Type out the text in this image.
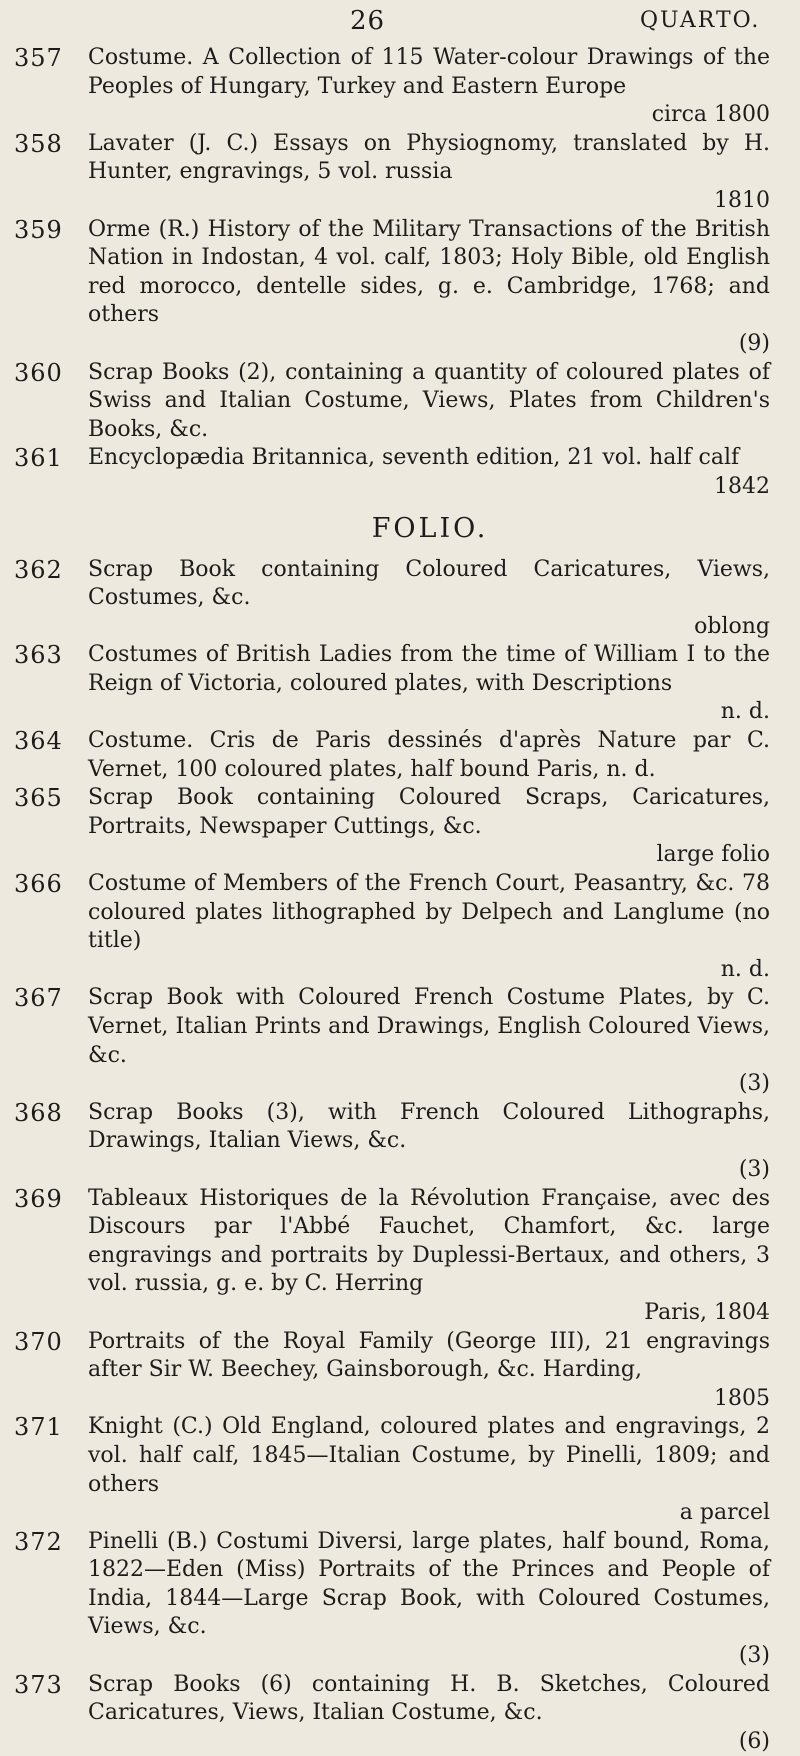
26	QUARTO.
357 Costume. A Collection of 115 Water-colour Drawings of the Peoples of Hungary, Turkey and Eastern Europe
circa 1800
358 Lavater (J. C.) Essays on Physiognomy, translated by H. Hunter, engravings, 5 vol. russia
1810
359 Orme (R.) History of the Military Transactions of the British Nation in Indostan, 4 vol. calf, 1803; Holy Bible, old English red morocco, dentelle sides, g. e. Cambridge, 1768; and others
(9)
360 Scrap Books (2), containing a quantity of coloured plates of Swiss and Italian Costume, Views, Plates from Children's Books, &c.
361 Encyclopædia Britannica, seventh edition, 21 vol. half calf
1842
FOLIO.
362 Scrap Book containing Coloured Caricatures, Views, Costumes, &c.
oblong
363 Costumes of British Ladies from the time of William I to the Reign of Victoria, coloured plates, with Descriptions
n. d.
364 Costume. Cris de Paris dessinés d'après Nature par C. Vernet, 100 coloured plates, half bound Paris, n. d.
365 Scrap Book containing Coloured Scraps, Caricatures, Portraits, Newspaper Cuttings, &c.
large folio
366 Costume of Members of the French Court, Peasantry, &c. 78 coloured plates lithographed by Delpech and Langlume (no title)
n. d.
367 Scrap Book with Coloured French Costume Plates, by C. Vernet, Italian Prints and Drawings, English Coloured Views, &c.
(3)
368 Scrap Books (3), with French Coloured Lithographs, Drawings, Italian Views, &c.
(3)
369 Tableaux Historiques de la Révolution Française, avec des Discours par l'Abbé Fauchet, Chamfort, &c. large engravings and portraits by Duplessi-Bertaux, and others, 3 vol. russia, g. e. by C. Herring
Paris, 1804
370 Portraits of the Royal Family (George III), 21 engravings after Sir W. Beechey, Gainsborough, &c. Harding,
1805
371 Knight (C.) Old England, coloured plates and engravings, 2 vol. half calf, 1845—Italian Costume, by Pinelli, 1809; and others
a parcel
372 Pinelli (B.) Costumi Diversi, large plates, half bound, Roma, 1822—Eden (Miss) Portraits of the Princes and People of India, 1844—Large Scrap Book, with Coloured Costumes, Views, &c.
(3)
373 Scrap Books (6) containing H. B. Sketches, Coloured Caricatures, Views, Italian Costume, &c.
(6)
